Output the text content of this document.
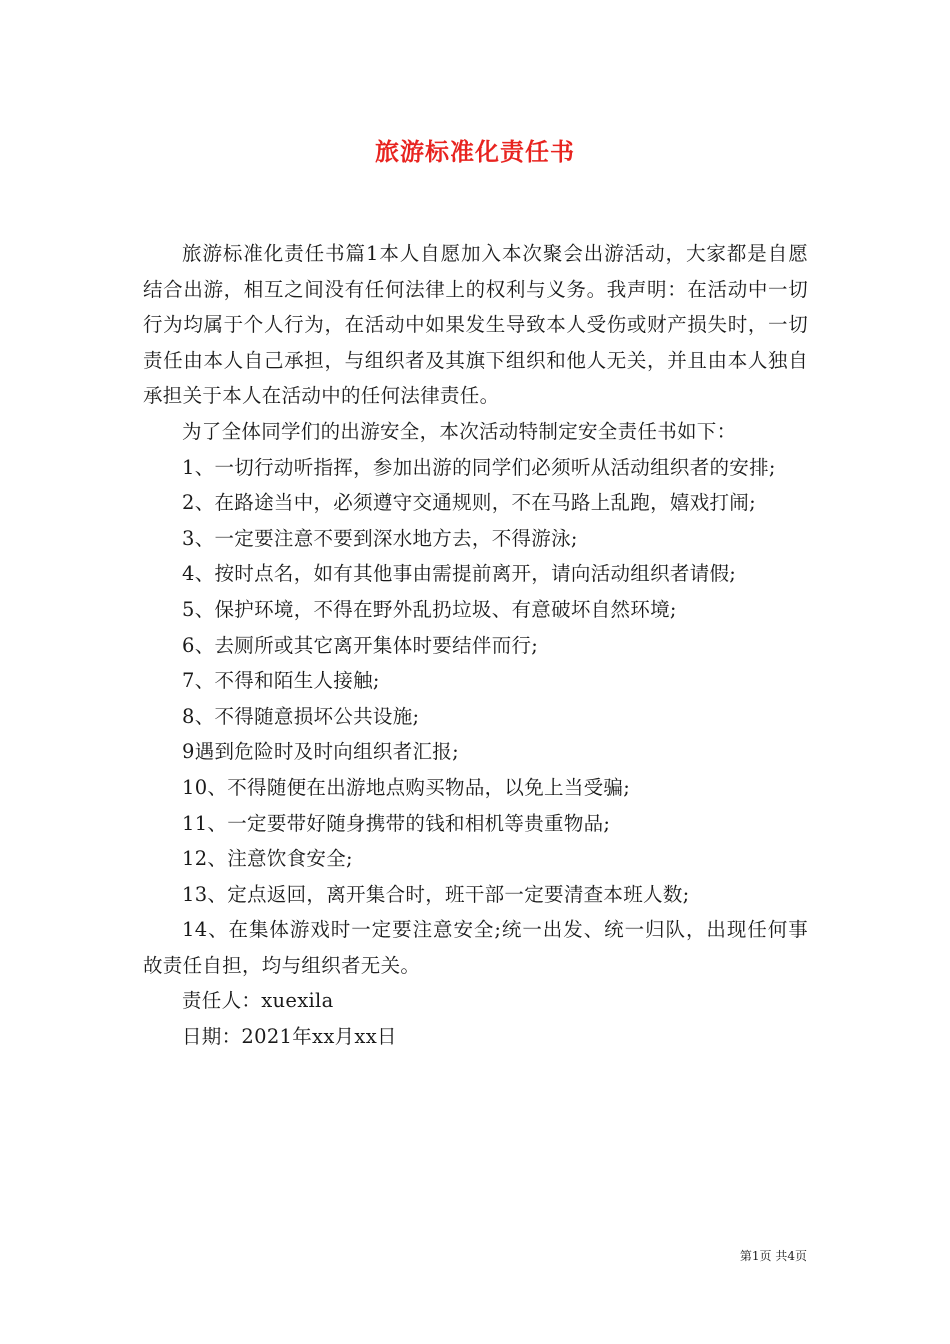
旅游标准化责任书

旅游标准化责任书篇1本人自愿加入本次聚会出游活动，大家都是自愿结合出游，相互之间没有任何法律上的权利与义务。我声明：在活动中一切行为均属于个人行为，在活动中如果发生导致本人受伤或财产损失时，一切责任由本人自己承担，与组织者及其旗下组织和他人无关，并且由本人独自承担关于本人在活动中的任何法律责任。

为了全体同学们的出游安全，本次活动特制定安全责任书如下：

1、一切行动听指挥，参加出游的同学们必须听从活动组织者的安排;

2、在路途当中，必须遵守交通规则，不在马路上乱跑，嬉戏打闹;

3、一定要注意不要到深水地方去，不得游泳;

4、按时点名，如有其他事由需提前离开，请向活动组织者请假;

5、保护环境，不得在野外乱扔垃圾、有意破坏自然环境;

6、去厕所或其它离开集体时要结伴而行;

7、不得和陌生人接触;

8、不得随意损坏公共设施;

9遇到危险时及时向组织者汇报;

10、不得随便在出游地点购买物品，以免上当受骗;

11、一定要带好随身携带的钱和相机等贵重物品;

12、注意饮食安全;

13、定点返回，离开集合时，班干部一定要清查本班人数;

14、在集体游戏时一定要注意安全;统一出发、统一归队，出现任何事故责任自担，均与组织者无关。

责任人：xuexila

日期：2021年xx月xx日

第1页 共4页
